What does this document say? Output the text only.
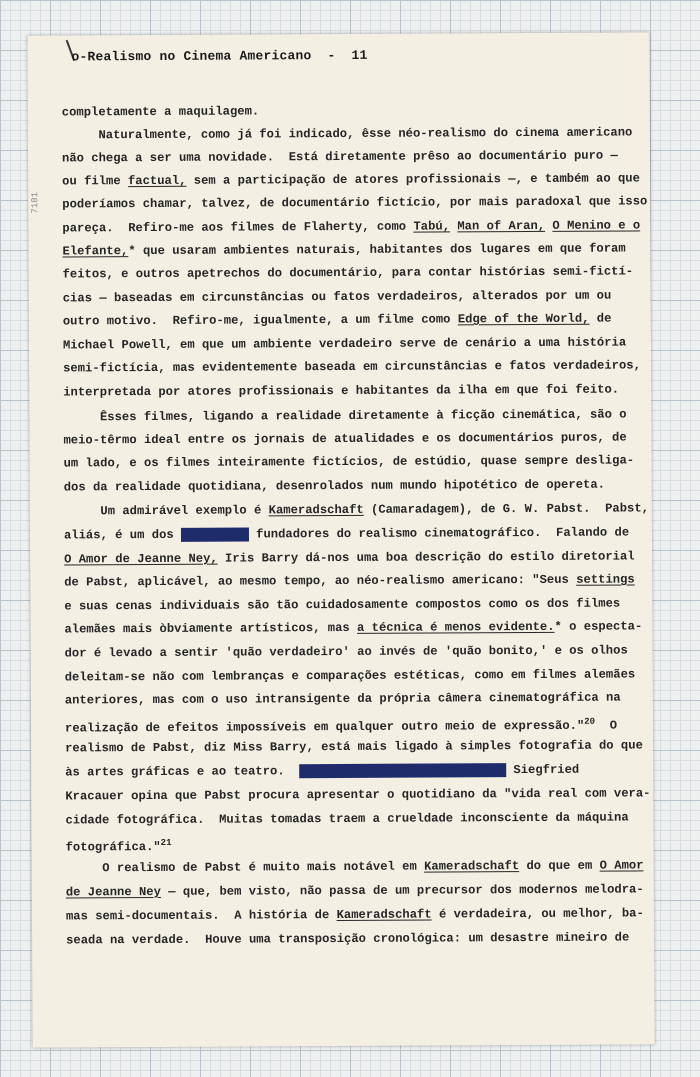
7181
o-Realismo no Cinema Americano  -  11
completamente a maquilagem.
Naturalmente, como já foi indicado, êsse néo-realismo do cinema americano
não chega a ser uma novidade.  Está diretamente prêso ao documentário puro —
ou filme factual, sem a participação de atores profissionais —, e também ao que
poderíamos chamar, talvez, de documentário fictício, por mais paradoxal que isso
pareça.  Refiro-me aos filmes de Flaherty, como Tabú, Man of Aran, O Menino e o
Elefante,* que usaram ambientes naturais, habitantes dos lugares em que foram
feitos, e outros apetrechos do documentário, para contar histórias semi-fictí-
cias — baseadas em circunstâncias ou fatos verdadeiros, alterados por um ou
outro motivo.  Refiro-me, igualmente, a um filme como Edge of the World, de
Michael Powell, em que um ambiente verdadeiro serve de cenário a uma história
semi-fictícia, mas evidentemente baseada em circunstâncias e fatos verdadeiros,
interpretada por atores profissionais e habitantes da ilha em que foi feito.
Êsses filmes, ligando a realidade diretamente à ficção cinemática, são o
meio-têrmo ideal entre os jornais de atualidades e os documentários puros, de
um lado, e os filmes inteiramente fictícios, de estúdio, quase sempre desliga-
dos da realidade quotidiana, desenrolados num mundo hipotético de opereta.
Um admirável exemplo é Kameradschaft (Camaradagem), de G. W. Pabst.  Pabst,
aliás, é um dos legítimos fundadores do realismo cinematográfico.  Falando de
O Amor de Jeanne Ney, Iris Barry dá-nos uma boa descrição do estilo diretorial
de Pabst, aplicável, ao mesmo tempo, ao néo-realismo americano: "Seus settings
e suas cenas individuais são tão cuidadosamente compostos como os dos filmes
alemães mais òbviamente artísticos, mas a técnica é menos evidente.* o especta-
dor é levado a sentir 'quão verdadeiro' ao invés de 'quão bonito,' e os olhos
deleitam-se não com lembranças e comparações estéticas, como em filmes alemães
anteriores, mas com o uso intransigente da própria câmera cinematográfica na
realização de efeitos impossíveis em qualquer outro meio de expressão."$^{20}$  O
realismo de Pabst, diz Miss Barry, está mais ligado à simples fotografia do que
às artes gráficas e ao teatro.  xxxxxxxxxxxxxxxxxxxxxxxxxxxx Siegfried
Kracauer opina que Pabst procura apresentar o quotidiano da "vida real com vera-
cidade fotográfica.  Muitas tomadas traem a crueldade inconsciente da máquina
fotográfica."$^{21}$
O realismo de Pabst é muito mais notável em Kameradschaft do que em O Amor
de Jeanne Ney — que, bem visto, não passa de um precursor dos modernos melodra-
mas semi-documentais.  A história de Kameradschaft é verdadeira, ou melhor, ba-
seada na verdade.  Houve uma transposição cronológica: um desastre mineiro de
